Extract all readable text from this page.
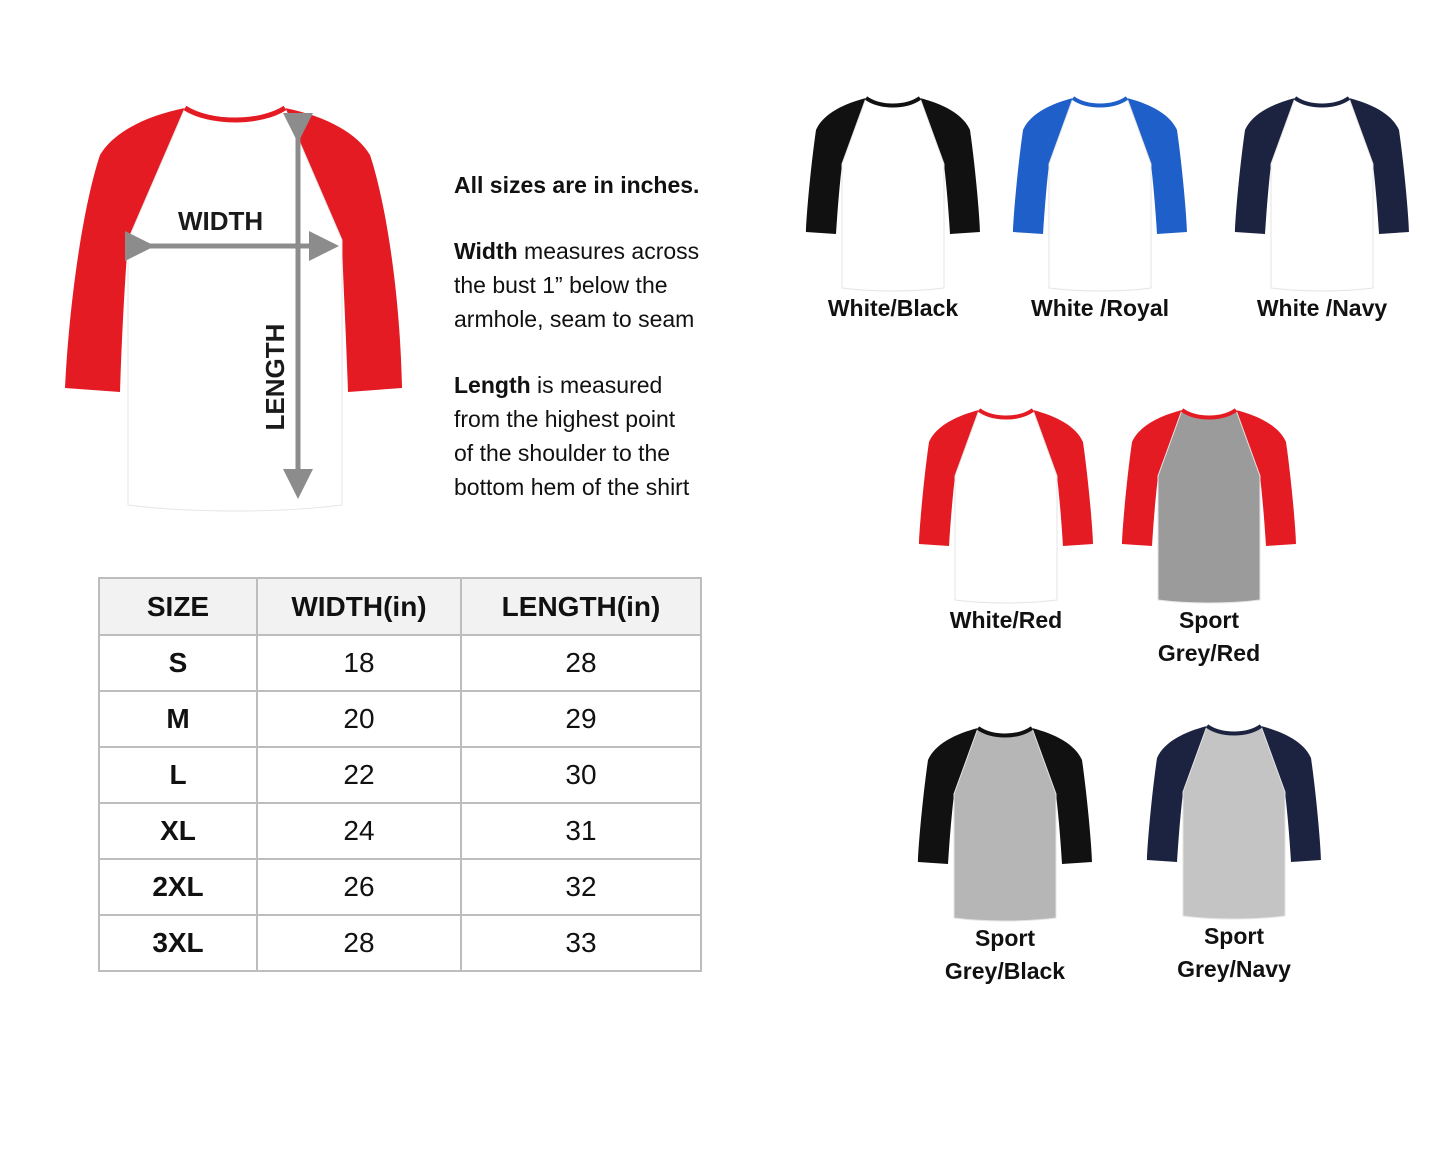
WIDTH
LENGTH

All sizes are in inches.

Width measures across

the bust 1” below the

armhole, seam to seam

Length is measured

from the highest point

of the shoulder to the

bottom hem of the shirt

SIZE	WIDTH(in)	LENGTH(in)
S	18	28
M	20	29
L	22	30
XL	24	31
2XL	26	32
3XL	28	33
White/Black	White /Royal	White /Navy
White/Red	Sport
Grey/Red
Sport
Grey/Black
Sport
Grey/Navy
